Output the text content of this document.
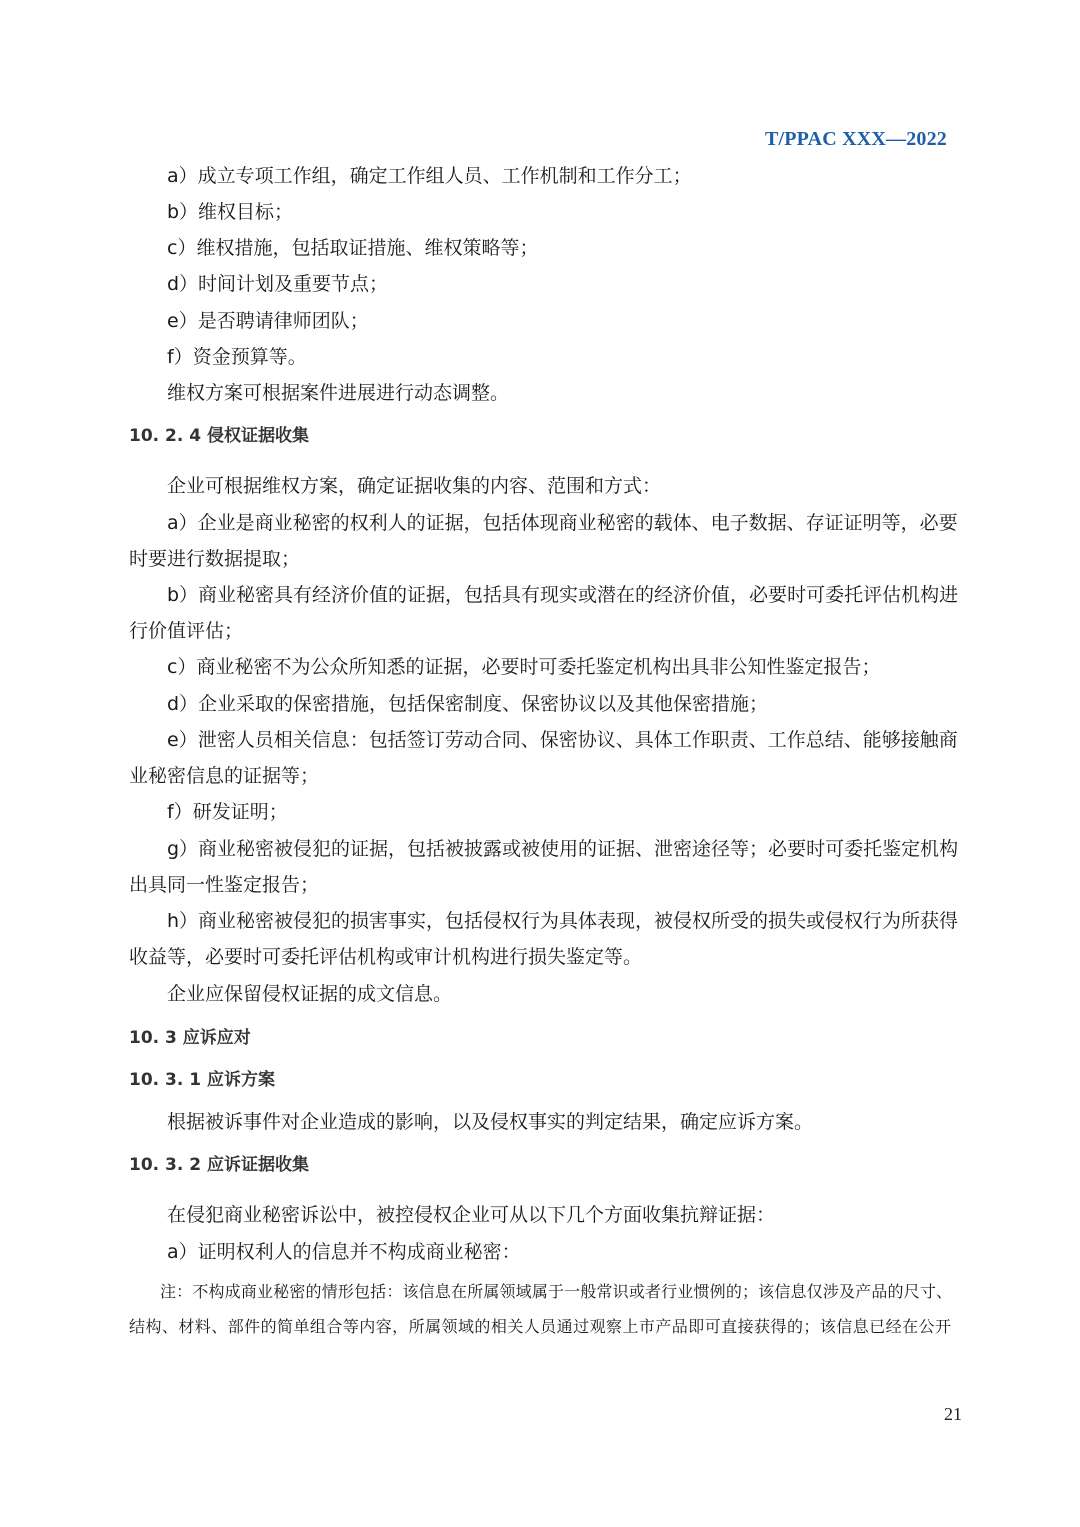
T/PPAC XXX—2022
a）成立专项工作组，确定工作组人员、工作机制和工作分工；
b）维权目标；
c）维权措施，包括取证措施、维权策略等；
d）时间计划及重要节点；
e）是否聘请律师团队；
f）资金预算等。
维权方案可根据案件进展进行动态调整。
10. 2. 4 侵权证据收集
企业可根据维权方案，确定证据收集的内容、范围和方式：
a）企业是商业秘密的权利人的证据，包括体现商业秘密的载体、电子数据、存证证明等，必要
时要进行数据提取；
b）商业秘密具有经济价值的证据，包括具有现实或潜在的经济价值，必要时可委托评估机构进
行价值评估；
c）商业秘密不为公众所知悉的证据，必要时可委托鉴定机构出具非公知性鉴定报告；
d）企业采取的保密措施，包括保密制度、保密协议以及其他保密措施；
e）泄密人员相关信息：包括签订劳动合同、保密协议、具体工作职责、工作总结、能够接触商
业秘密信息的证据等；
f）研发证明；
g）商业秘密被侵犯的证据，包括被披露或被使用的证据、泄密途径等；必要时可委托鉴定机构
出具同一性鉴定报告；
h）商业秘密被侵犯的损害事实，包括侵权行为具体表现，被侵权所受的损失或侵权行为所获得
收益等，必要时可委托评估机构或审计机构进行损失鉴定等。
企业应保留侵权证据的成文信息。
10. 3 应诉应对
10. 3. 1 应诉方案
根据被诉事件对企业造成的影响，以及侵权事实的判定结果，确定应诉方案。
10. 3. 2 应诉证据收集
在侵犯商业秘密诉讼中，被控侵权企业可从以下几个方面收集抗辩证据：
a）证明权利人的信息并不构成商业秘密：
注：不构成商业秘密的情形包括：该信息在所属领域属于一般常识或者行业惯例的；该信息仅涉及产品的尺寸、
结构、材料、部件的简单组合等内容，所属领域的相关人员通过观察上市产品即可直接获得的；该信息已经在公开
21
